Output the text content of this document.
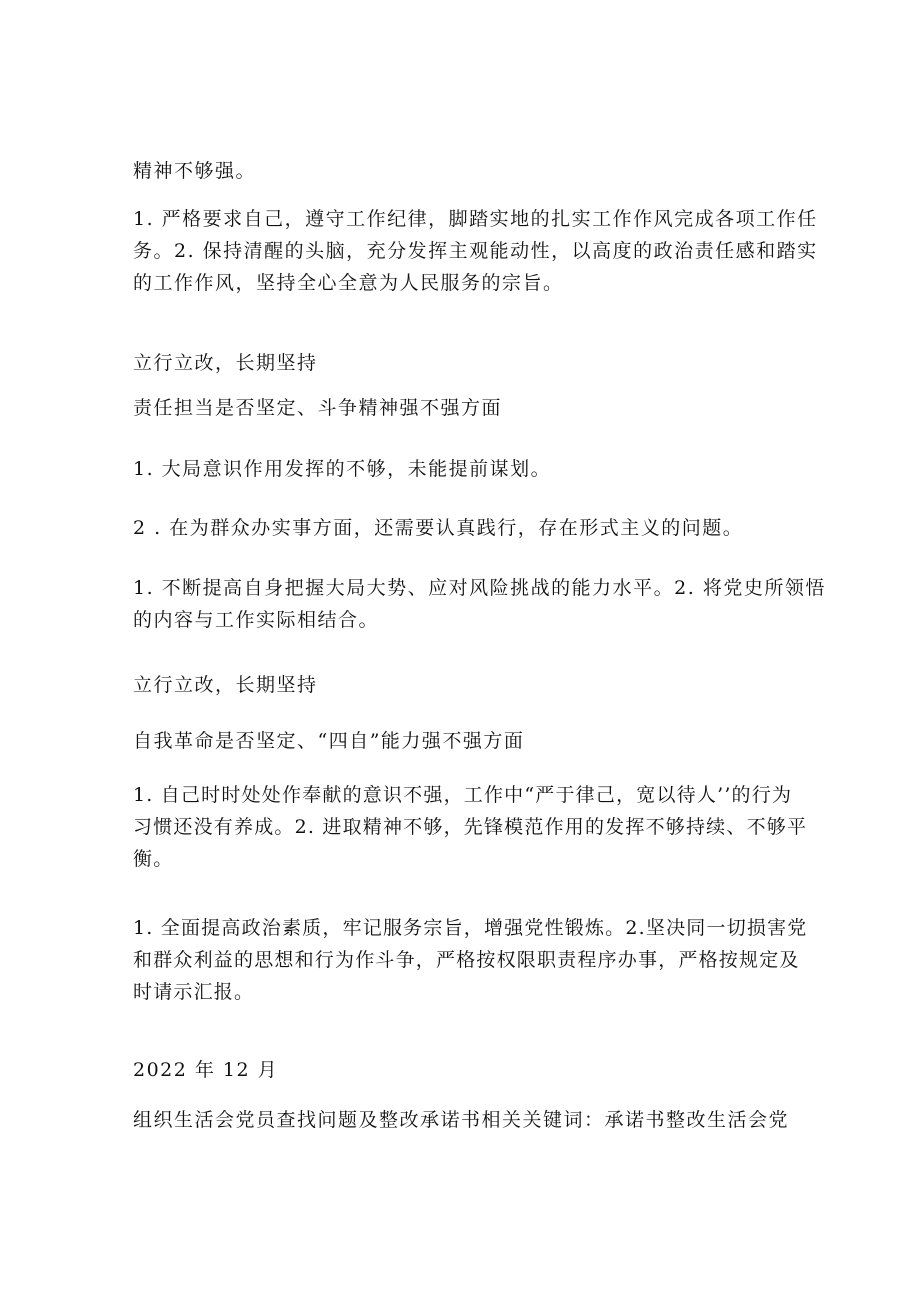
精神不够强。

1. 严格要求自己，遵守工作纪律，脚踏实地的扎实工作作风完成各项工作任
务。2. 保持清醒的头脑，充分发挥主观能动性，以高度的政治责任感和踏实
的工作作风，坚持全心全意为人民服务的宗旨。

立行立改，长期坚持

责任担当是否坚定、斗争精神强不强方面

1. 大局意识作用发挥的不够，未能提前谋划。

2 . 在为群众办实事方面，还需要认真践行，存在形式主义的问题。

1. 不断提高自身把握大局大势、应对风险挑战的能力水平。2. 将党史所领悟
的内容与工作实际相结合。

立行立改，长期坚持

自我革命是否坚定、“四自”能力强不强方面

1. 自己时时处处作奉献的意识不强，工作中“严于律己，宽以待人’’的行为
习惯还没有养成。2. 进取精神不够，先锋模范作用的发挥不够持续、不够平
衡。
1. 全面提高政治素质，牢记服务宗旨，增强党性锻炼。2.坚决同一切损害党
和群众利益的思想和行为作斗争，严格按权限职责程序办事，严格按规定及
时请示汇报。

2022 年 12 月

组织生活会党员查找问题及整改承诺书相关关键词：承诺书整改生活会党
